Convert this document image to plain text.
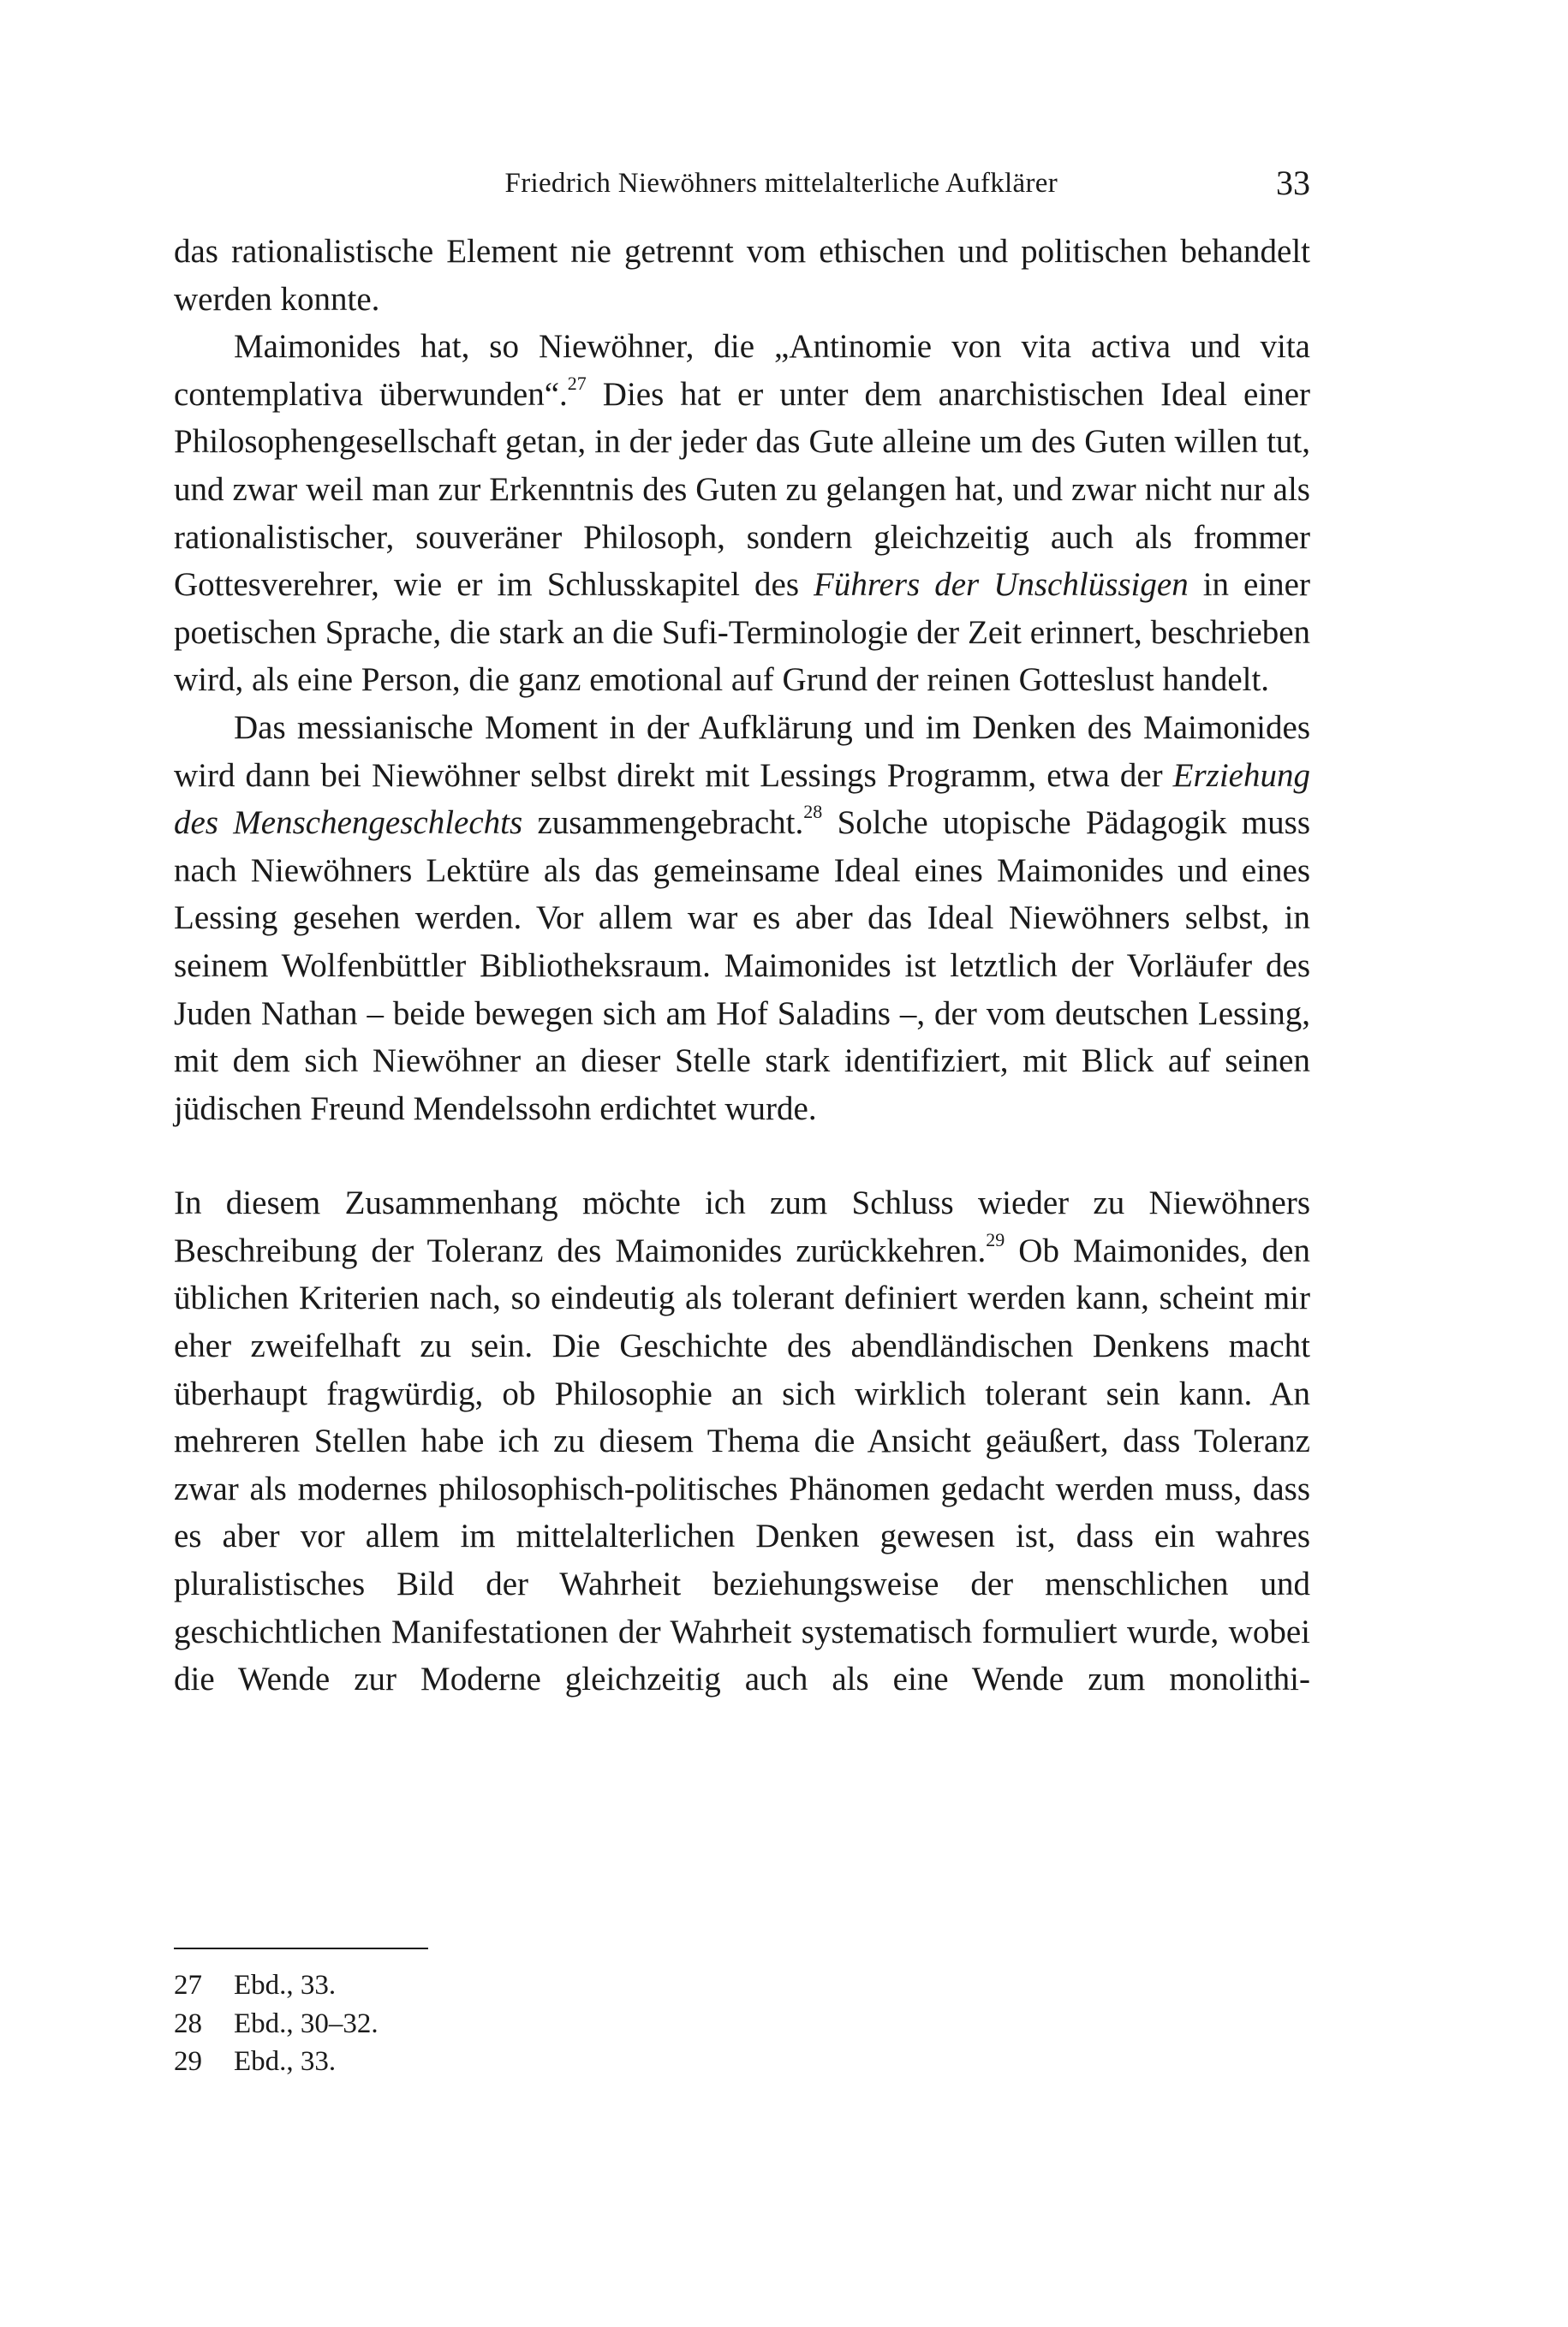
Friedrich Niewöhners mittelalterliche Aufklärer	33

das rationalistische Element nie getrennt vom ethischen und politischen behandelt werden konnte.

Maimonides hat, so Niewöhner, die „Antinomie von vita activa und vita contemplativa überwunden“.$^{27}$ Dies hat er unter dem anarchistischen Ideal einer Philosophengesellschaft getan, in der jeder das Gute alleine um des Guten willen tut, und zwar weil man zur Erkenntnis des Guten zu gelangen hat, und zwar nicht nur als rationalistischer, souveräner Philosoph, sondern gleichzeitig auch als frommer Gottesverehrer, wie er im Schlusskapitel des Führers der Unschlüssigen in einer poetischen Sprache, die stark an die Sufi-Terminologie der Zeit erinnert, beschrieben wird, als eine Person, die ganz emotional auf Grund der reinen Gotteslust handelt.

Das messianische Moment in der Aufklärung und im Denken des Maimonides wird dann bei Niewöhner selbst direkt mit Lessings Programm, etwa der Erziehung des Menschengeschlechts zusammengebracht.$^{28}$ Solche utopische Pädagogik muss nach Niewöhners Lektüre als das gemeinsame Ideal eines Maimonides und eines Lessing gesehen werden. Vor allem war es aber das Ideal Niewöhners selbst, in seinem Wolfenbüttler Bibliotheksraum. Maimonides ist letztlich der Vorläufer des Juden Nathan – beide bewegen sich am Hof Saladins –, der vom deutschen Lessing, mit dem sich Niewöhner an dieser Stelle stark identifiziert, mit Blick auf seinen jüdischen Freund Mendelssohn erdichtet wurde.

In diesem Zusammenhang möchte ich zum Schluss wieder zu Niewöhners Beschreibung der Toleranz des Maimonides zurückkehren.$^{29}$ Ob Maimonides, den üblichen Kriterien nach, so eindeutig als tolerant definiert werden kann, scheint mir eher zweifelhaft zu sein. Die Geschichte des abendländischen Denkens macht überhaupt fragwürdig, ob Philosophie an sich wirklich tolerant sein kann. An mehreren Stellen habe ich zu diesem Thema die Ansicht geäußert, dass Toleranz zwar als modernes philosophisch-politisches Phänomen gedacht werden muss, dass es aber vor allem im mittelalterlichen Denken gewesen ist, dass ein wahres pluralistisches Bild der Wahrheit beziehungsweise der menschlichen und geschichtlichen Manifestationen der Wahrheit systematisch formuliert wurde, wobei die Wende zur Moderne gleichzeitig auch als eine Wende zum monolithi-

27 Ebd., 33.
28 Ebd., 30–32.
29 Ebd., 33.
